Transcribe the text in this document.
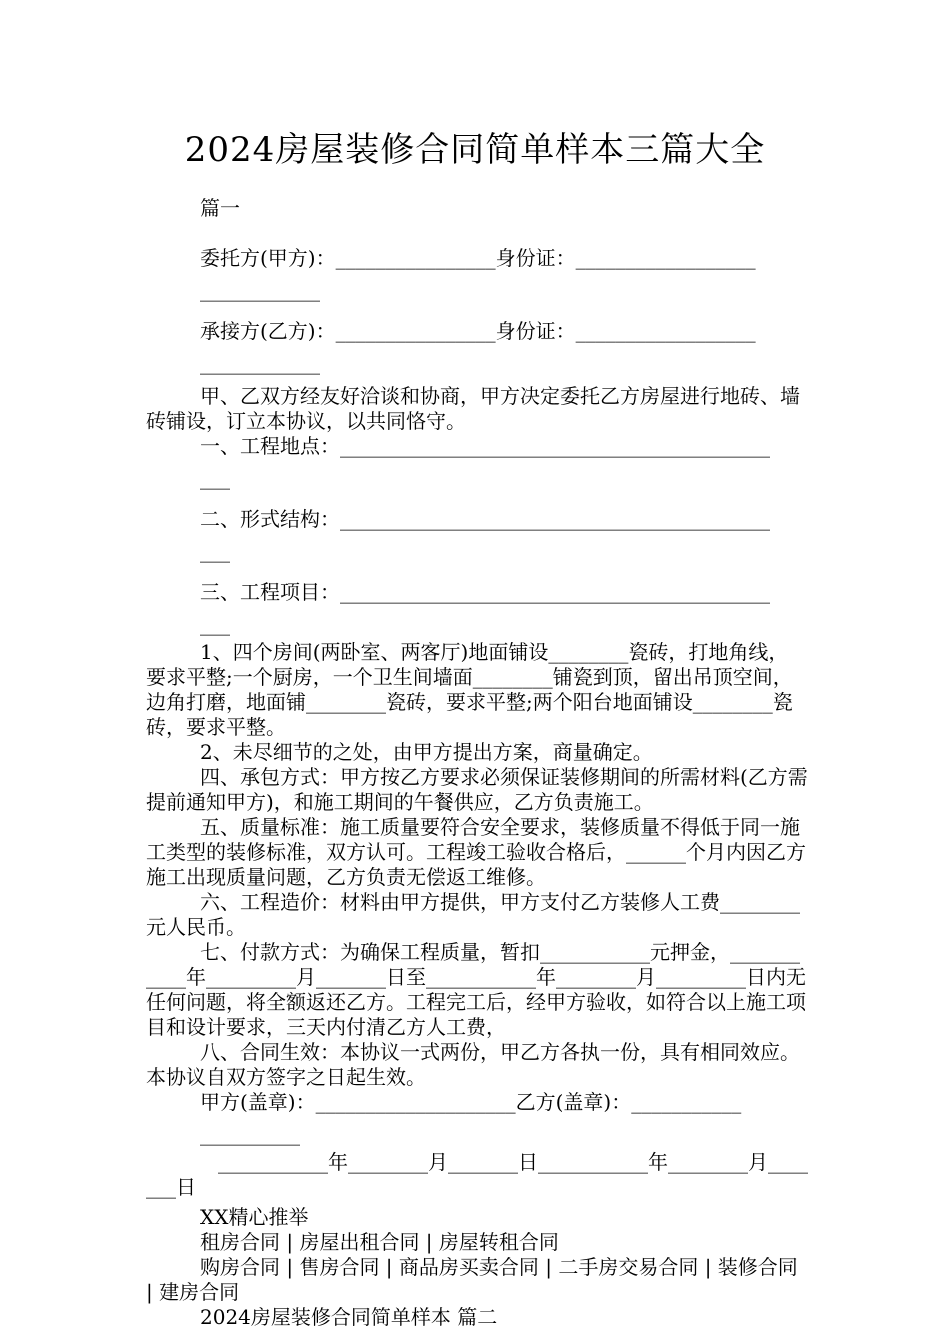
2024房屋装修合同简单样本三篇大全

篇一

委托方(甲方)：________________身份证：__________________
____________

承接方(乙方)：________________身份证：__________________
____________

甲、乙双方经友好洽谈和协商，甲方决定委托乙方房屋进行地砖、墙砖铺设，订立本协议，以共同恪守。

一、工程地点：___________________________________________
___

二、形式结构：___________________________________________
___

三、工程项目：___________________________________________
___

1、四个房间(两卧室、两客厅)地面铺设________瓷砖，打地角线，要求平整;一个厨房，一个卫生间墙面________铺瓷到顶，留出吊顶空间，边角打磨，地面铺________瓷砖，要求平整;两个阳台地面铺设________瓷砖，要求平整。

2、未尽细节的之处，由甲方提出方案，商量确定。

四、承包方式：甲方按乙方要求必须保证装修期间的所需材料(乙方需提前通知甲方)，和施工期间的午餐供应，乙方负责施工。

五、质量标准：施工质量要符合安全要求，装修质量不得低于同一施工类型的装修标准，双方认可。工程竣工验收合格后，______个月内因乙方施工出现质量问题，乙方负责无偿返工维修。

六、工程造价：材料由甲方提供，甲方支付乙方装修人工费________元人民币。

七、付款方式：为确保工程质量，暂扣___________元押金，___________年_________月_______日至___________年________月_________日内无任何问题，将全额返还乙方。工程完工后，经甲方验收，如符合以上施工项目和设计要求，三天内付清乙方人工费，

八、合同生效：本协议一式两份，甲乙方各执一份，具有相同效应。本协议自双方签字之日起生效。

甲方(盖章)：____________________乙方(盖章)：___________
__________

___________年________月_______日___________年________月_______日

XX精心推举

租房合同 | 房屋出租合同 | 房屋转租合同

购房合同 | 售房合同 | 商品房买卖合同 | 二手房交易合同 | 装修合同 | 建房合同

2024房屋装修合同简单样本 篇二
